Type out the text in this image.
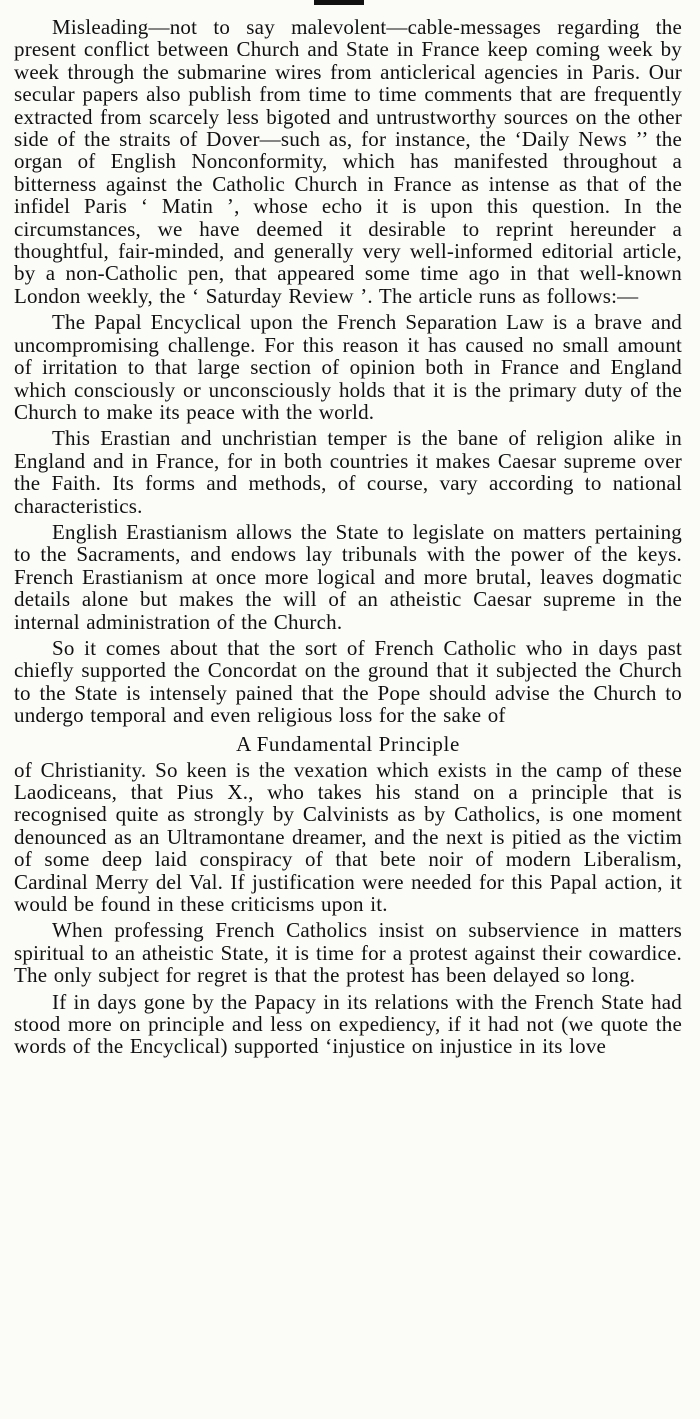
Misleading—not to say malevolent—cable-messages regarding the present conflict between Church and State in France keep coming week by week through the submarine wires from anticlerical agencies in Paris. Our secular papers also publish from time to time comments that are frequently extracted from scarcely less bigoted and untrustworthy sources on the other side of the straits of Dover—such as, for instance, the ‘Daily News ’’ the organ of English Nonconformity, which has manifested throughout a bitterness against the Catholic Church in France as intense as that of the infidel Paris ‘ Matin ’, whose echo it is upon this question. In the circumstances, we have deemed it desirable to reprint hereunder a thoughtful, fair-minded, and generally very well-informed editorial article, by a non-Catholic pen, that appeared some time ago in that well-known London weekly, the ‘ Saturday Review ’. The article runs as follows:—

The Papal Encyclical upon the French Separation Law is a brave and uncompromising challenge. For this reason it has caused no small amount of irritation to that large section of opinion both in France and England which consciously or unconsciously holds that it is the primary duty of the Church to make its peace with the world.

This Erastian and unchristian temper is the bane of religion alike in England and in France, for in both countries it makes Caesar supreme over the Faith. Its forms and methods, of course, vary according to national characteristics.

English Erastianism allows the State to legislate on matters pertaining to the Sacraments, and endows lay tribunals with the power of the keys. French Erastianism at once more logical and more brutal, leaves dogmatic details alone but makes the will of an atheistic Caesar supreme in the internal administration of the Church.

So it comes about that the sort of French Catholic who in days past chiefly supported the Concordat on the ground that it subjected the Church to the State is intensely pained that the Pope should advise the Church to undergo temporal and even religious loss for the sake of

A Fundamental Principle

of Christianity. So keen is the vexation which exists in the camp of these Laodiceans, that Pius X., who takes his stand on a principle that is recognised quite as strongly by Calvinists as by Catholics, is one moment denounced as an Ultramontane dreamer, and the next is pitied as the victim of some deep laid conspiracy of that bete noir of modern Liberalism, Cardinal Merry del Val. If justification were needed for this Papal action, it would be found in these criticisms upon it.

When professing French Catholics insist on subservience in matters spiritual to an atheistic State, it is time for a protest against their cowardice. The only subject for regret is that the protest has been delayed so long.

If in days gone by the Papacy in its relations with the French State had stood more on principle and less on expediency, if it had not (we quote the words of the Encyclical) supported ‘injustice on injustice in its love
